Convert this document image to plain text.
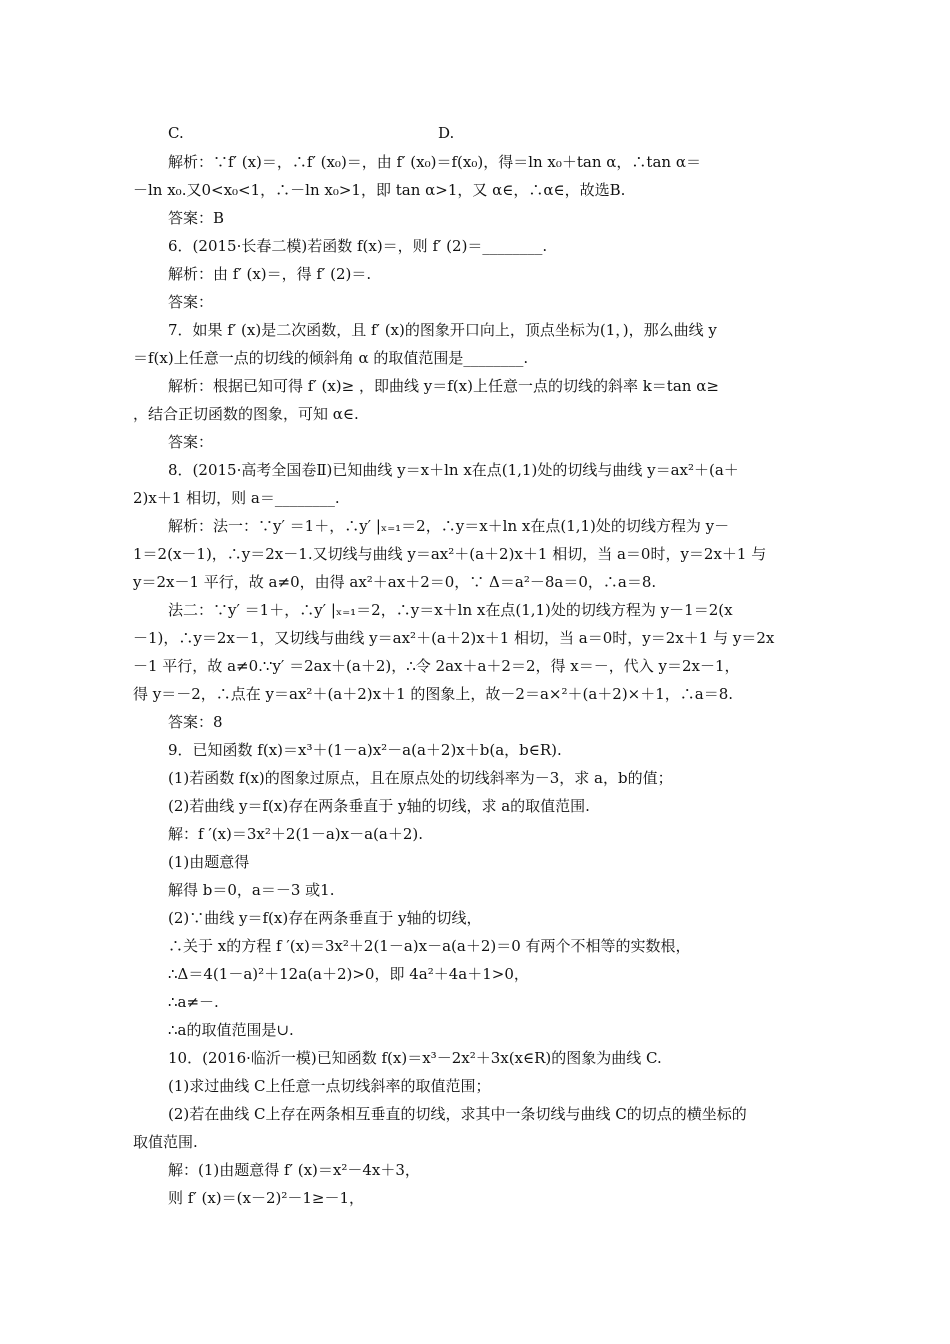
C.	D.
解析：∵f′ (x)＝，∴f′ (x₀)＝，由 f′ (x₀)＝f(x₀)，得＝ln x₀＋tan α，∴tan α＝
－ln x₀.又0<x₀<1，∴－ln x₀>1，即 tan α>1，又 α∈，∴α∈，故选B.
答案：B
6．(2015·长春二模)若函数 f(x)＝，则 f′ (2)＝________.
解析：由 f′ (x)＝，得 f′ (2)＝.
答案：
7．如果 f′ (x)是二次函数，且 f′ (x)的图象开口向上，顶点坐标为(1，)，那么曲线 y
＝f(x)上任意一点的切线的倾斜角 α 的取值范围是________.
解析：根据已知可得 f′ (x)≥ ，即曲线 y＝f(x)上任意一点的切线的斜率 k＝tan α≥
，结合正切函数的图象，可知 α∈.
答案：
8．(2015·高考全国卷Ⅱ)已知曲线 y＝x＋ln x在点(1,1)处的切线与曲线 y＝ax²＋(a＋
2)x＋1 相切，则 a＝________.
解析：法一：∵y′ ＝1＋，∴y′ |ₓ₌₁＝2，∴y＝x＋ln x在点(1,1)处的切线方程为 y－
1＝2(x－1)，∴y＝2x－1.又切线与曲线 y＝ax²＋(a＋2)x＋1 相切，当 a＝0时，y＝2x＋1 与
y＝2x－1 平行，故 a≠0，由得 ax²＋ax＋2＝0，∵ Δ＝a²－8a＝0，∴a＝8.
法二：∵y′ ＝1＋，∴y′ |ₓ₌₁＝2，∴y＝x＋ln x在点(1,1)处的切线方程为 y－1＝2(x
－1)，∴y＝2x－1，又切线与曲线 y＝ax²＋(a＋2)x＋1 相切，当 a＝0时，y＝2x＋1 与 y＝2x
－1 平行，故 a≠0.∵y′ ＝2ax＋(a＋2)，∴令 2ax＋a＋2＝2，得 x＝－，代入 y＝2x－1，
得 y＝－2，∴点在 y＝ax²＋(a＋2)x＋1 的图象上，故－2＝a×²＋(a＋2)×＋1，∴a＝8.
答案：8
9．已知函数 f(x)＝x³＋(1－a)x²－a(a＋2)x＋b(a，b∈R).
(1)若函数 f(x)的图象过原点，且在原点处的切线斜率为－3，求 a，b的值；
(2)若曲线 y＝f(x)存在两条垂直于 y轴的切线，求 a的取值范围.
解：f ′(x)＝3x²＋2(1－a)x－a(a＋2).
(1)由题意得
解得 b＝0，a＝－3 或1.
(2)∵曲线 y＝f(x)存在两条垂直于 y轴的切线，
∴关于 x的方程 f ′(x)＝3x²＋2(1－a)x－a(a＋2)＝0 有两个不相等的实数根，
∴Δ＝4(1－a)²＋12a(a＋2)>0，即 4a²＋4a＋1>0，
∴a≠－.
∴a的取值范围是∪.
10．(2016·临沂一模)已知函数 f(x)＝x³－2x²＋3x(x∈R)的图象为曲线 C.
(1)求过曲线 C上任意一点切线斜率的取值范围；
(2)若在曲线 C上存在两条相互垂直的切线，求其中一条切线与曲线 C的切点的横坐标的
取值范围.
解：(1)由题意得 f′ (x)＝x²－4x＋3，
则 f′ (x)＝(x－2)²－1≥－1，
